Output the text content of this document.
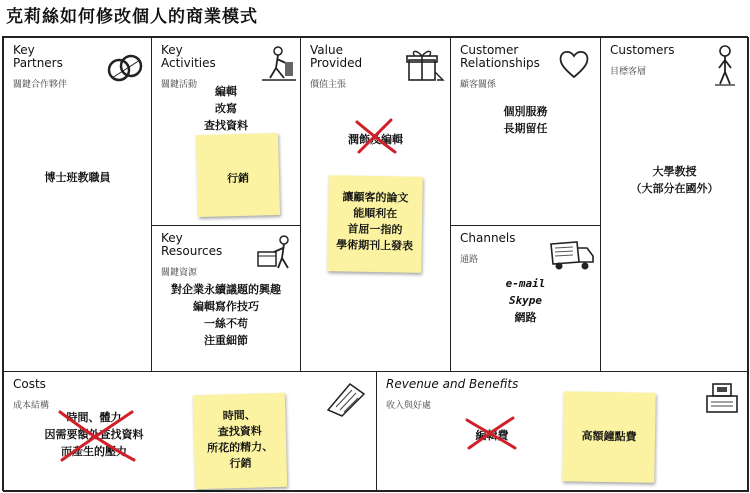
克莉絲如何修改個人的商業模式
Key
Partners
關鍵合作夥伴
博士班教職員
Key
Activities
關鍵活動	編輯
改寫
查找資料
行銷
Key
Resources
關鍵資源
對企業永續議題的興趣
編輯寫作技巧
一絲不苟
注重細節
Value
Provided
價值主張
潤飾及編輯
讓顧客的論文
能順利在
首屈一指的
學術期刊上發表
Customer
Relationships
顧客關係
個別服務
長期留任
Channels
通路
e-mail
Skype
網路
Customers
目標客層
大學教授
（大部分在國外）
Costs
成本結構
時間、體力
因需要額外查找資料
而產生的壓力
時間、
查找資料
所花的精力、
行銷
Revenue and Benefits
收入與好處
編輯費	高額鐘點費
